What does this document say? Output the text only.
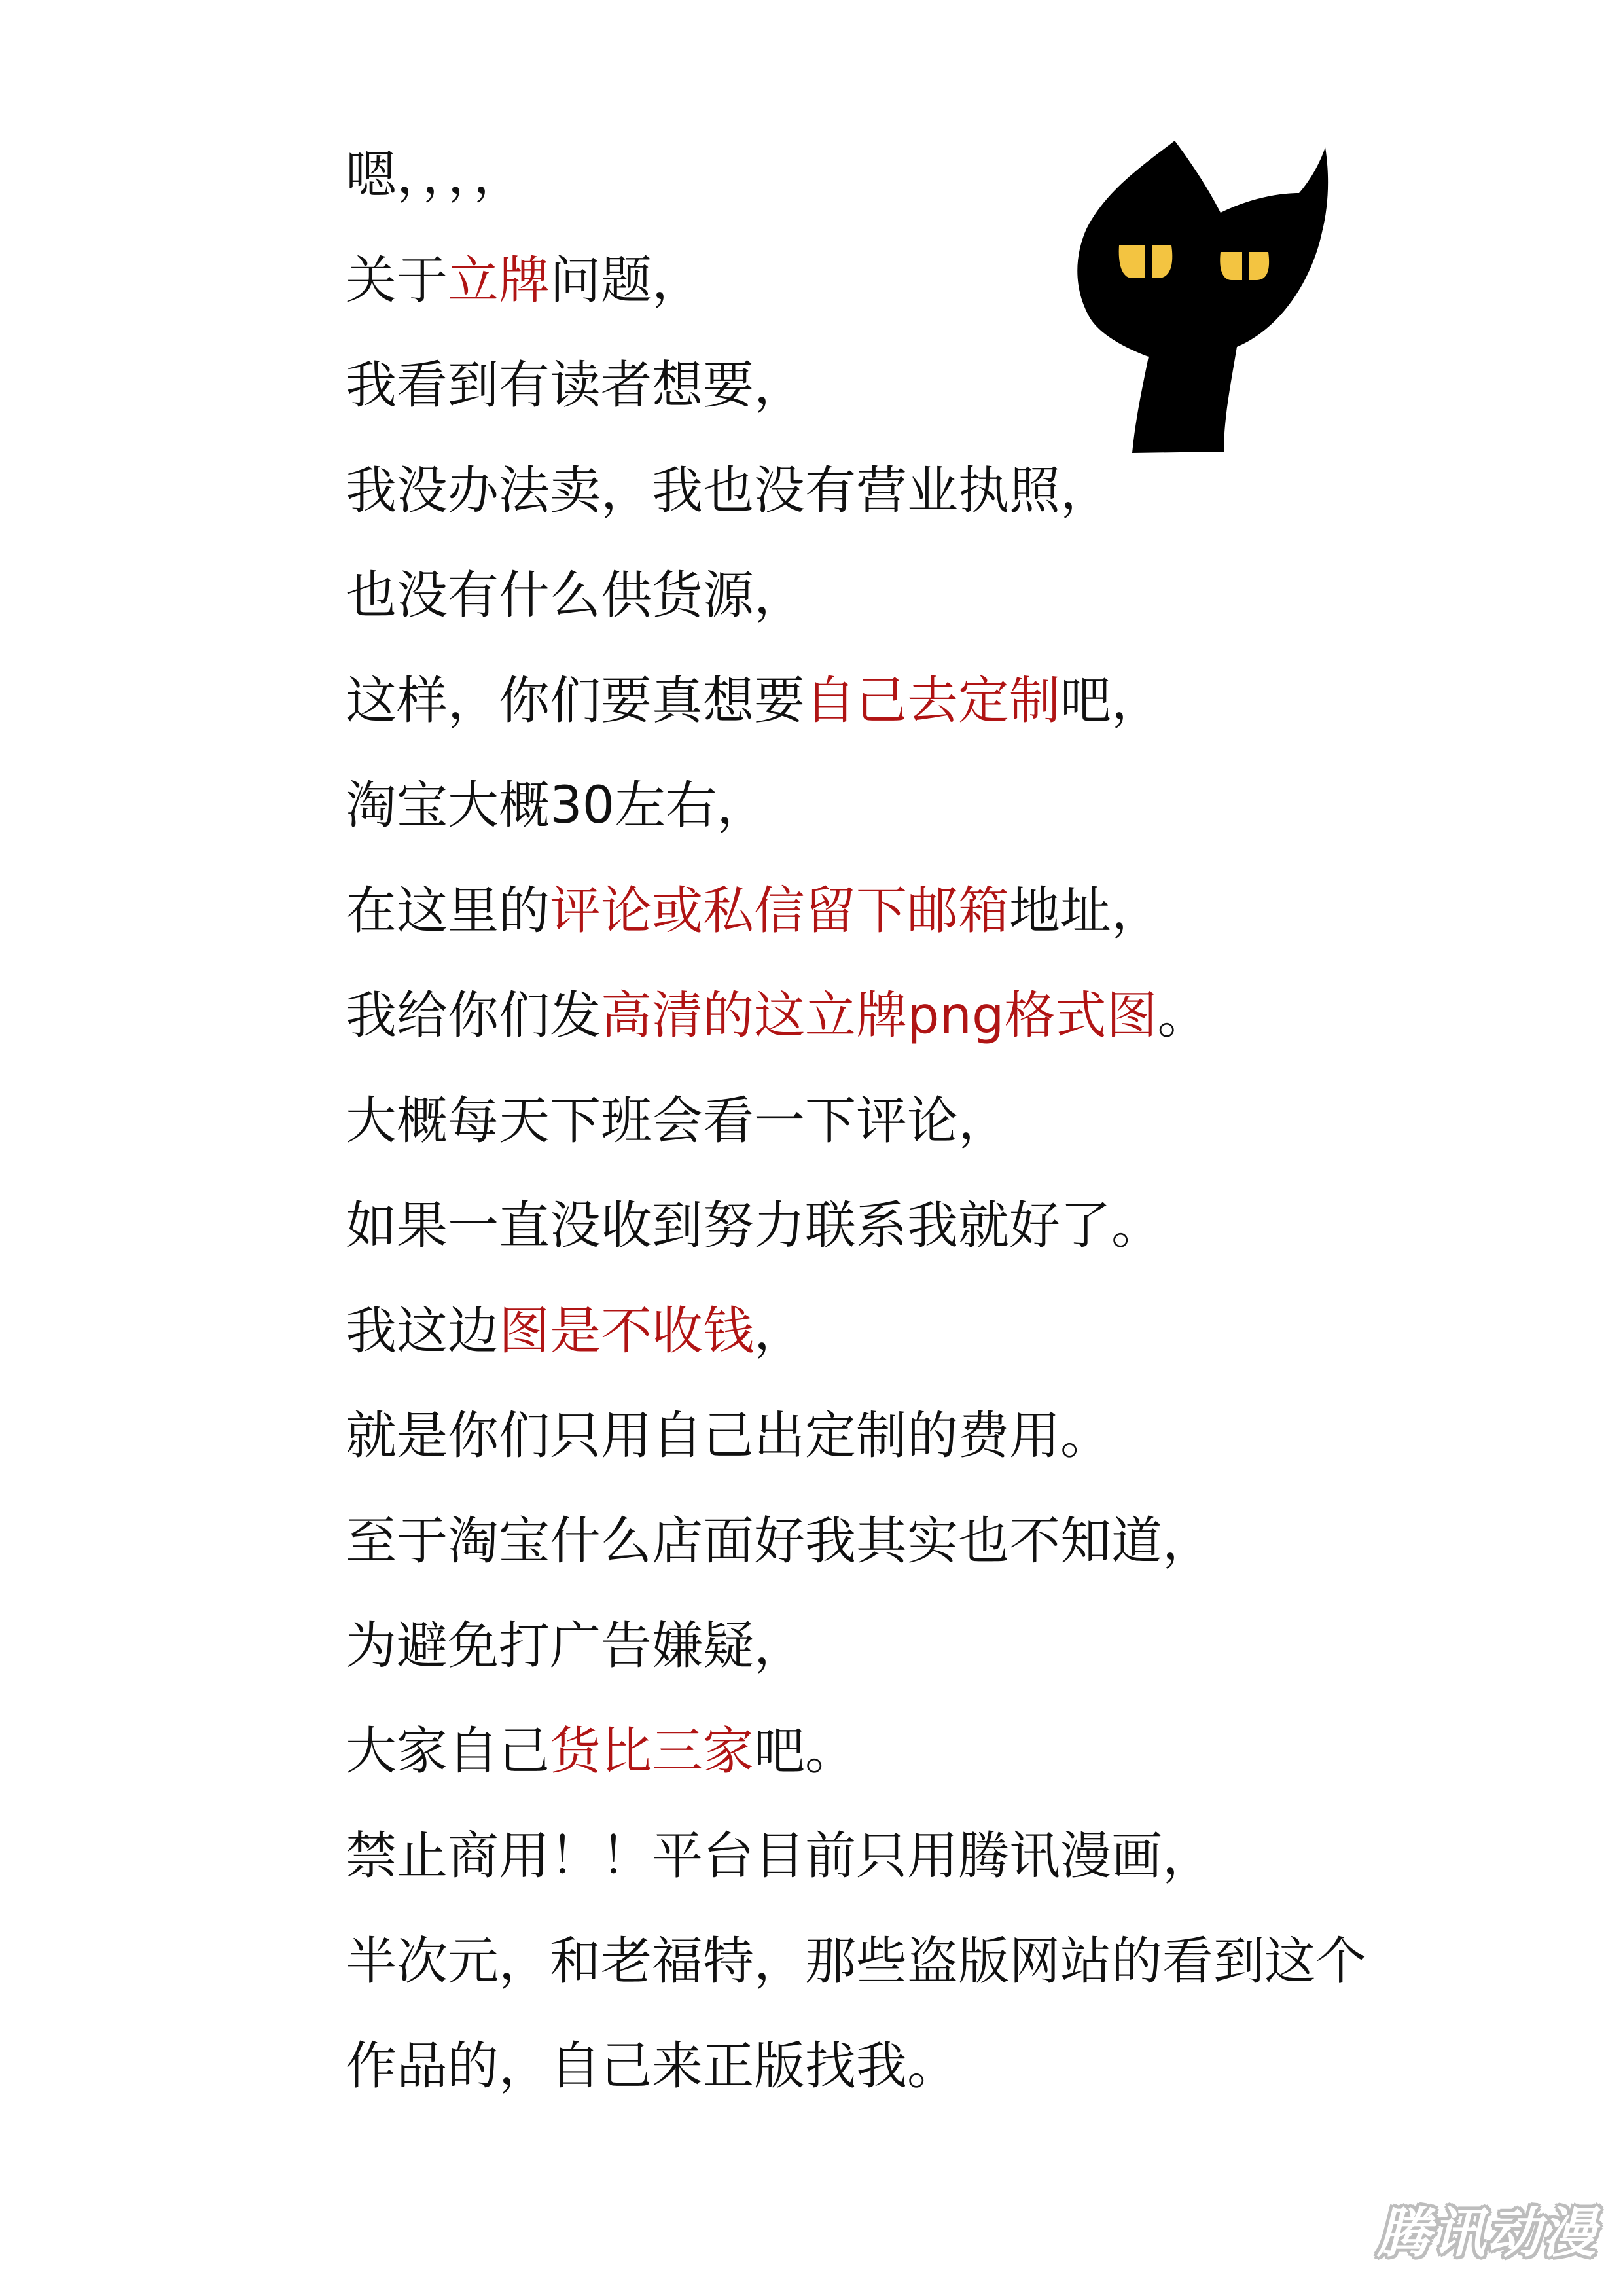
嗯，，，，
关于立牌问题，
我看到有读者想要，
我没办法卖，我也没有营业执照，
也没有什么供货源，
这样，你们要真想要自己去定制吧，
淘宝大概30左右，
在这里的评论或私信留下邮箱地址，
我给你们发高清的这立牌png格式图。
大概每天下班会看一下评论，
如果一直没收到努力联系我就好了。
我这边图是不收钱，
就是你们只用自己出定制的费用。
至于淘宝什么店面好我其实也不知道，
为避免打广告嫌疑，
大家自己货比三家吧。
禁止商用！！平台目前只用腾讯漫画，
半次元，和老福特，那些盗版网站的看到这个
作品的，自己来正版找我。
腾讯动漫
